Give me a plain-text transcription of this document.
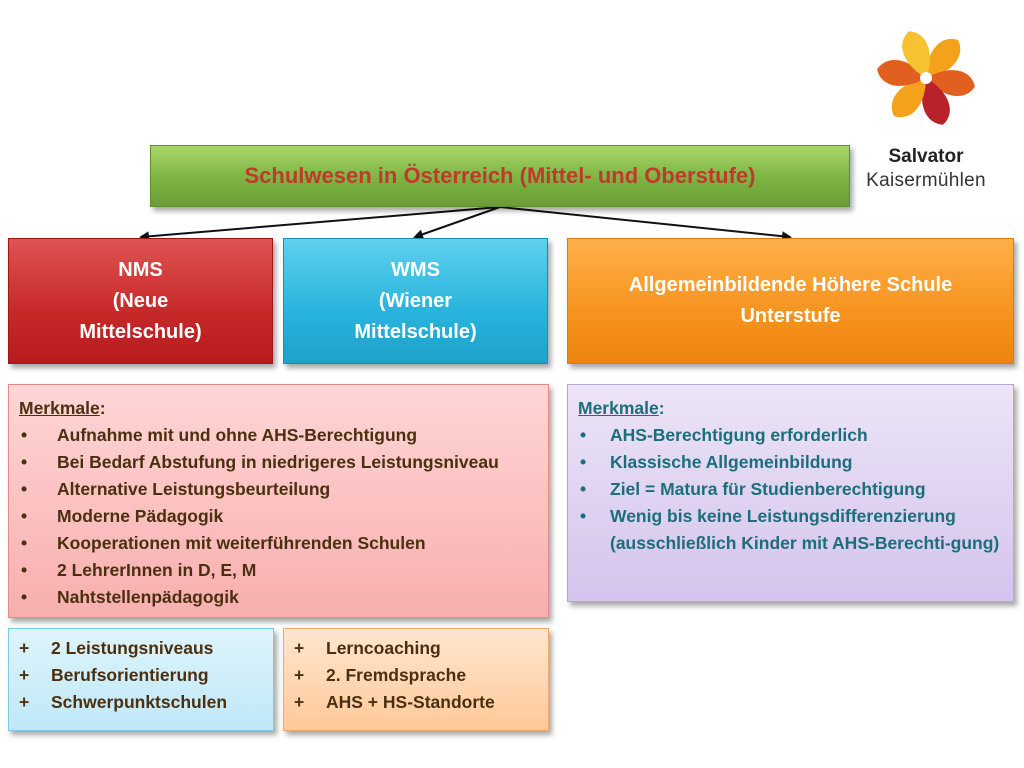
Schulwesen in Österreich (Mittel- und Oberstufe)
NMS
(Neue
Mittelschule)
WMS
(Wiener
Mittelschule)
Allgemeinbildende Höhere Schule
Unterstufe
Merkmale:
• Aufnahme mit und ohne AHS-Berechtigung
• Bei Bedarf Abstufung in niedrigeres Leistungsniveau
• Alternative Leistungsbeurteilung
• Moderne Pädagogik
• Kooperationen mit weiterführenden Schulen
• 2 LehrerInnen in D, E, M
• Nahtstellenpädagogik
Merkmale:
• AHS-Berechtigung erforderlich
• Klassische Allgemeinbildung
• Ziel = Matura für Studienberechtigung
• Wenig bis keine Leistungsdifferenzierung (ausschließlich Kinder mit AHS-Berechti-gung)
+ 2 Leistungsniveaus
+ Berufsorientierung
+ Schwerpunktschulen
+ Lerncoaching
+ 2. Fremdsprache
+ AHS + HS-Standorte
Salvator
Kaisermühlen
